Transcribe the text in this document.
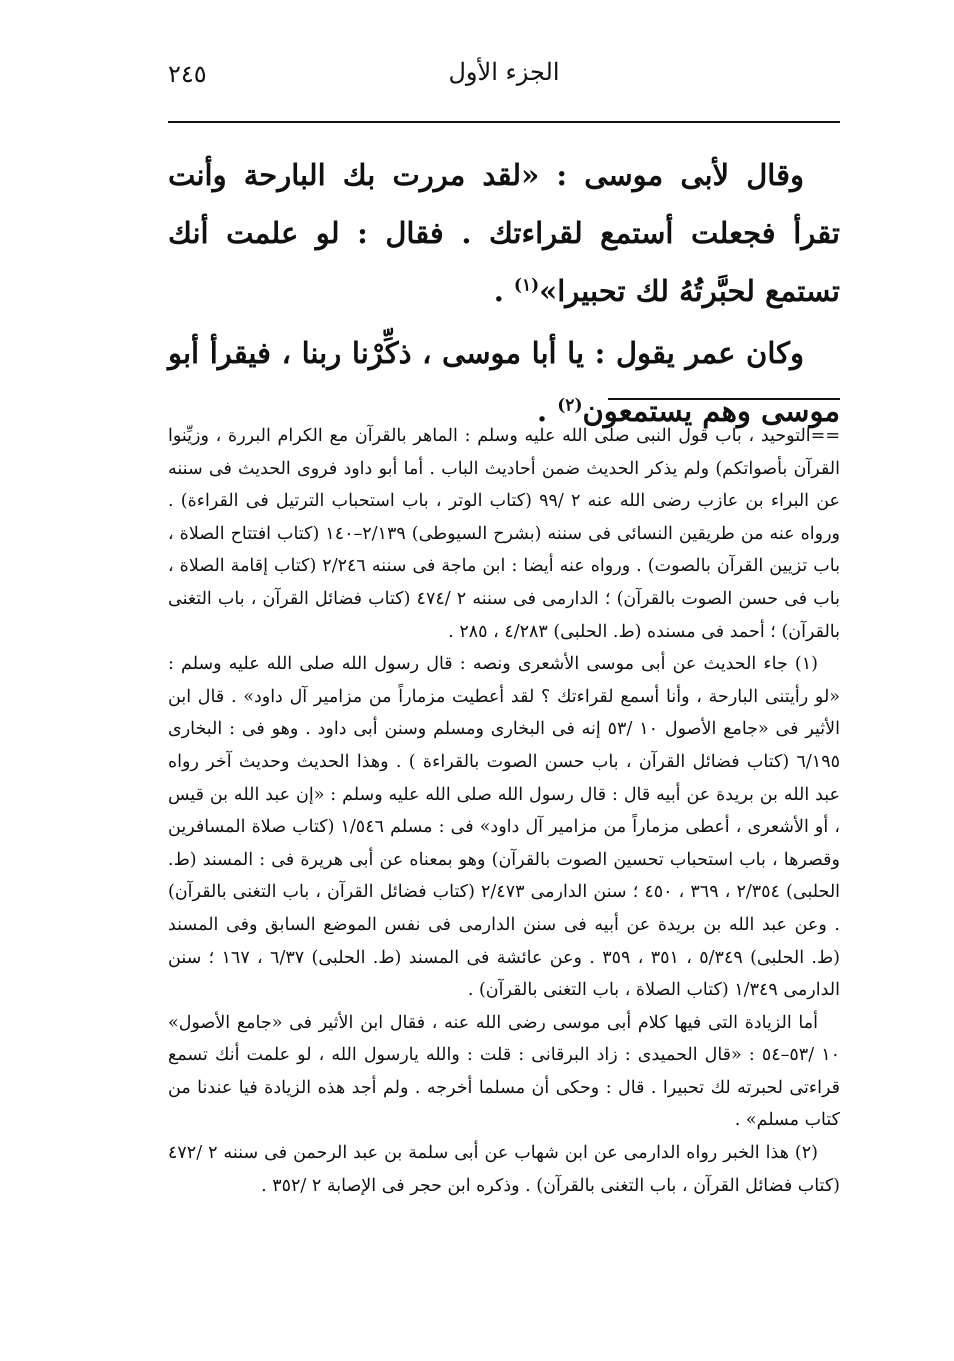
٢٤٥	الجزء الأول

وقال لأبى موسى : «لقد مررت بك البارحة وأنت تقرأ فجعلت أستمع لقراءتك . فقال : لو علمت أنك تستمع لحبَّرتُهُ لك تحبيرا»$^{(١)}$ .

وكان عمر يقول : يا أبا موسى ، ذكِّرْنا ربنا ، فيقرأ أبو موسى وهم يستمعون$^{(٢)}$ .

==التوحيد ، باب قول النبى صلى الله عليه وسلم : الماهر بالقرآن مع الكرام البررة ، وزيِّنوا القرآن بأصواتكم) ولم يذكر الحديث ضمن أحاديث الباب . أما أبو داود فروى الحديث فى سننه عن البراء بن عازب رضى الله عنه ٢ /٩٩ (كتاب الوتر ، باب استحباب الترتيل فى القراءة) . ورواه عنه من طريقين النسائى فى سننه (بشرح السيوطى) ٢/١٣٩–١٤٠ (كتاب افتتاح الصلاة ، باب تزيين القرآن بالصوت) . ورواه عنه أيضا : ابن ماجة فى سننه ٢/٢٤٦ (كتاب إقامة الصلاة ، باب فى حسن الصوت بالقرآن) ؛ الدارمى فى سننه ٢ /٤٧٤ (كتاب فضائل القرآن ، باب التغنى بالقرآن) ؛ أحمد فى مسنده (ط. الحلبى) ٤/٢٨٣ ، ٢٨٥ .

(١) جاء الحديث عن أبى موسى الأشعرى ونصه : قال رسول الله صلى الله عليه وسلم : «لو رأيتنى البارحة ، وأنا أسمع لقراءتك ؟ لقد أعطيت مزماراً من مزامير آل داود» . قال ابن الأثير فى «جامع الأصول ١٠ /٥٣ إنه فى البخارى ومسلم وسنن أبى داود . وهو فى : البخارى ٦/١٩٥ (كتاب فضائل القرآن ، باب حسن الصوت بالقراءة ) . وهذا الحديث وحديث آخر رواه عبد الله بن بريدة عن أبيه قال : قال رسول الله صلى الله عليه وسلم : «إن عبد الله بن قيس ، أو الأشعرى ، أعطى مزماراً من مزامير آل داود» فى : مسلم ١/٥٤٦ (كتاب صلاة المسافرين وقصرها ، باب استحباب تحسين الصوت بالقرآن) وهو بمعناه عن أبى هريرة فى : المسند (ط. الحلبى) ٢/٣٥٤ ، ٣٦٩ ، ٤٥٠ ؛ سنن الدارمى ٢/٤٧٣ (كتاب فضائل القرآن ، باب التغنى بالقرآن) . وعن عبد الله بن بريدة عن أبيه فى سنن الدارمى فى نفس الموضع السابق وفى المسند (ط. الحلبى) ٥/٣٤٩ ، ٣٥١ ، ٣٥٩ . وعن عائشة فى المسند (ط. الحلبى) ٦/٣٧ ، ١٦٧ ؛ سنن الدارمى ١/٣٤٩ (كتاب الصلاة ، باب التغنى بالقرآن) .

أما الزيادة التى فيها كلام أبى موسى رضى الله عنه ، فقال ابن الأثير فى «جامع الأصول» ١٠ /٥٣–٥٤ : «قال الحميدى : زاد البرقانى : قلت : والله يارسول الله ، لو علمت أنك تسمع قراءتى لحبرته لك تحبيرا . قال : وحكى أن مسلما أخرجه . ولم أجد هذه الزيادة فيا عندنا من كتاب مسلم» .

(٢) هذا الخبر رواه الدارمى عن ابن شهاب عن أبى سلمة بن عبد الرحمن فى سننه ٢ /٤٧٢ (كتاب فضائل القرآن ، باب التغنى بالقرآن) . وذكره ابن حجر فى الإصابة ٢ /٣٥٢ .
